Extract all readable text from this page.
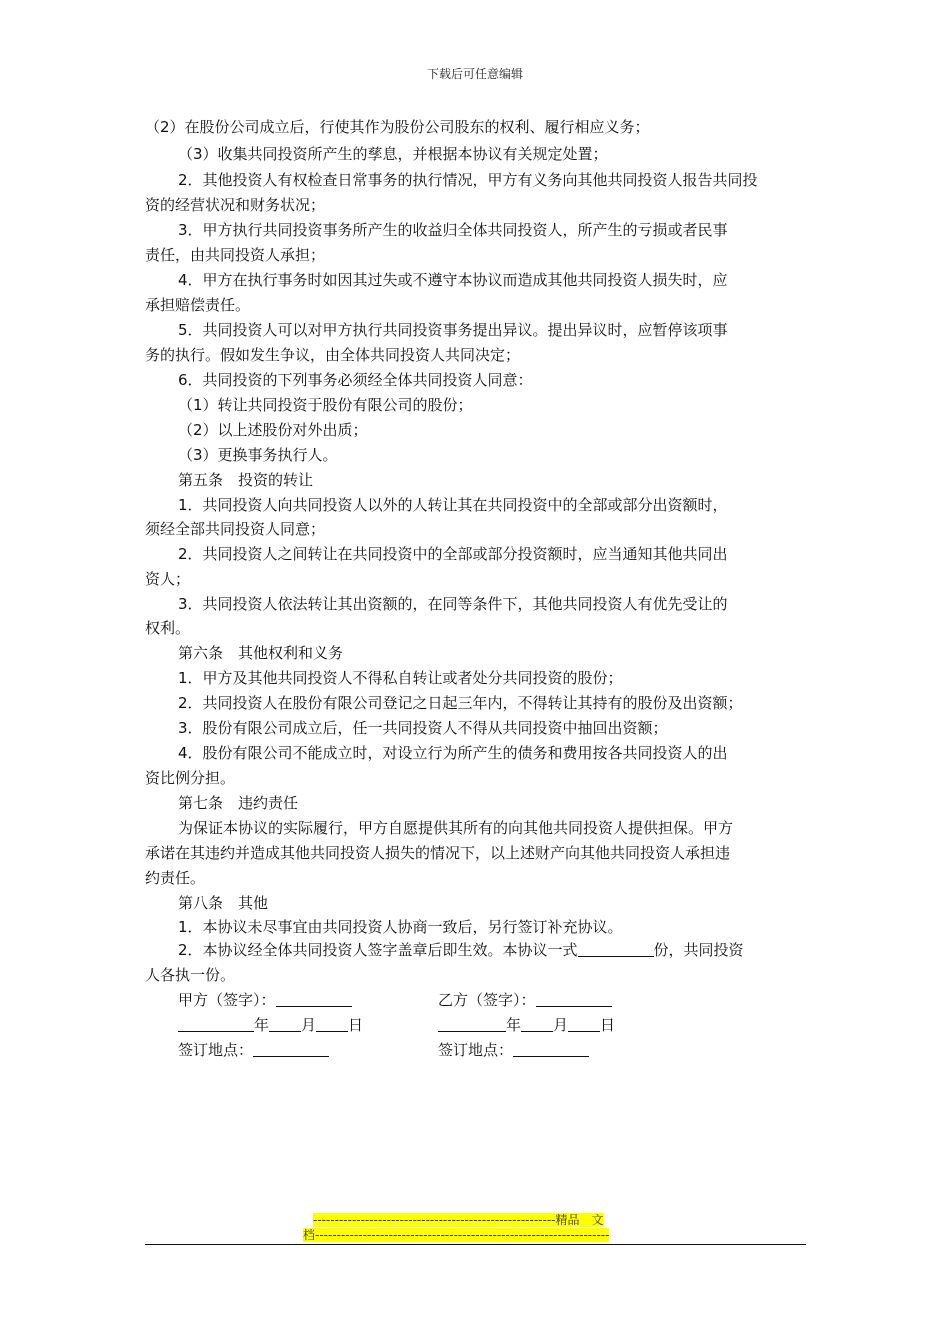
下载后可任意编辑
（2）在股份公司成立后，行使其作为股份公司股东的权利、履行相应义务；
（3）收集共同投资所产生的孳息，并根据本协议有关规定处置；
2．其他投资人有权检查日常事务的执行情况，甲方有义务向其他共同投资人报告共同投
资的经营状况和财务状况；
3．甲方执行共同投资事务所产生的收益归全体共同投资人，所产生的亏损或者民事
责任，由共同投资人承担；
4．甲方在执行事务时如因其过失或不遵守本协议而造成其他共同投资人损失时，应
承担赔偿责任。
5．共同投资人可以对甲方执行共同投资事务提出异议。提出异议时，应暂停该项事
务的执行。假如发生争议，由全体共同投资人共同决定；
6．共同投资的下列事务必须经全体共同投资人同意：
（1）转让共同投资于股份有限公司的股份；
（2）以上述股份对外出质；
（3）更换事务执行人。
第五条　投资的转让
1．共同投资人向共同投资人以外的人转让其在共同投资中的全部或部分出资额时，
须经全部共同投资人同意；
2．共同投资人之间转让在共同投资中的全部或部分投资额时，应当通知其他共同出
资人；
3．共同投资人依法转让其出资额的，在同等条件下，其他共同投资人有优先受让的
权利。
第六条　其他权利和义务
1．甲方及其他共同投资人不得私自转让或者处分共同投资的股份；
2．共同投资人在股份有限公司登记之日起三年内，不得转让其持有的股份及出资额；
3．股份有限公司成立后，任一共同投资人不得从共同投资中抽回出资额；
4．股份有限公司不能成立时，对设立行为所产生的债务和费用按各共同投资人的出
资比例分担。
第七条　违约责任
为保证本协议的实际履行，甲方自愿提供其所有的向其他共同投资人提供担保。甲方
承诺在其违约并造成其他共同投资人损失的情况下，以上述财产向其他共同投资人承担违
约责任。
第八条　其他
1．本协议未尽事宜由共同投资人协商一致后，另行签订补充协议。
2．本协议经全体共同投资人签字盖章后即生效。本协议一式	份，共同投资
人各执一份。
甲方（签字）：	乙方（签字）：
年 月 日	年 月 日
签订地点：	签订地点：
--------------------------------------------------------精品　文
档--------------------------------------------------------------------
